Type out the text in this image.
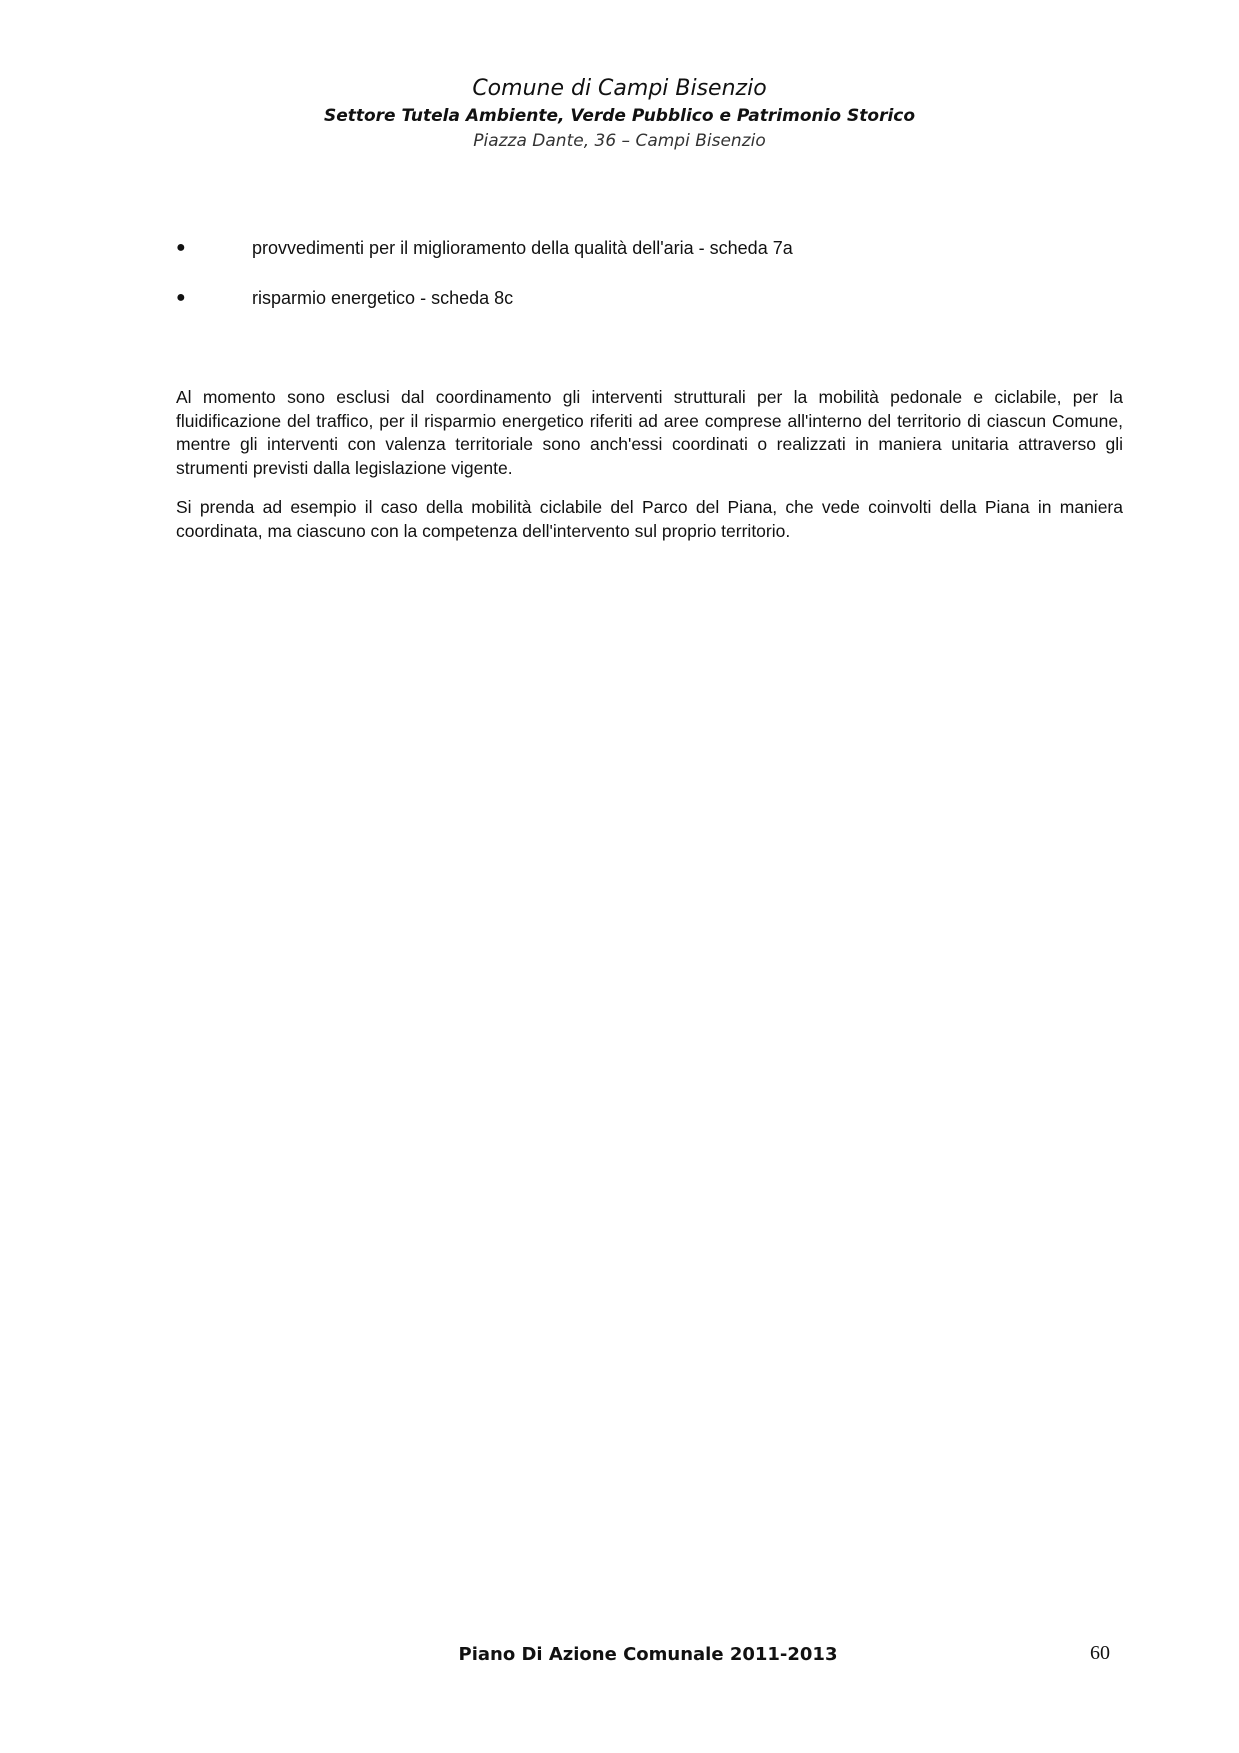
Comune di Campi Bisenzio
Settore Tutela Ambiente, Verde Pubblico e Patrimonio Storico
Piazza Dante, 36 – Campi Bisenzio
●	provvedimenti per il miglioramento della qualità dell'aria - scheda 7a
●	risparmio energetico - scheda 8c

Al momento sono esclusi dal coordinamento gli interventi strutturali per la mobilità pedonale e ciclabile, per la fluidificazione del traffico, per il risparmio energetico riferiti ad aree comprese all'interno del territorio di ciascun Comune, mentre gli interventi con valenza territoriale sono anch'essi coordinati o realizzati in maniera unitaria attraverso gli strumenti previsti dalla legislazione vigente.

Si prenda ad esempio il caso della mobilità ciclabile del Parco del Piana, che vede coinvolti della Piana in maniera coordinata, ma ciascuno con la competenza dell'intervento sul proprio territorio.

Piano Di Azione Comunale 2011-2013	60
